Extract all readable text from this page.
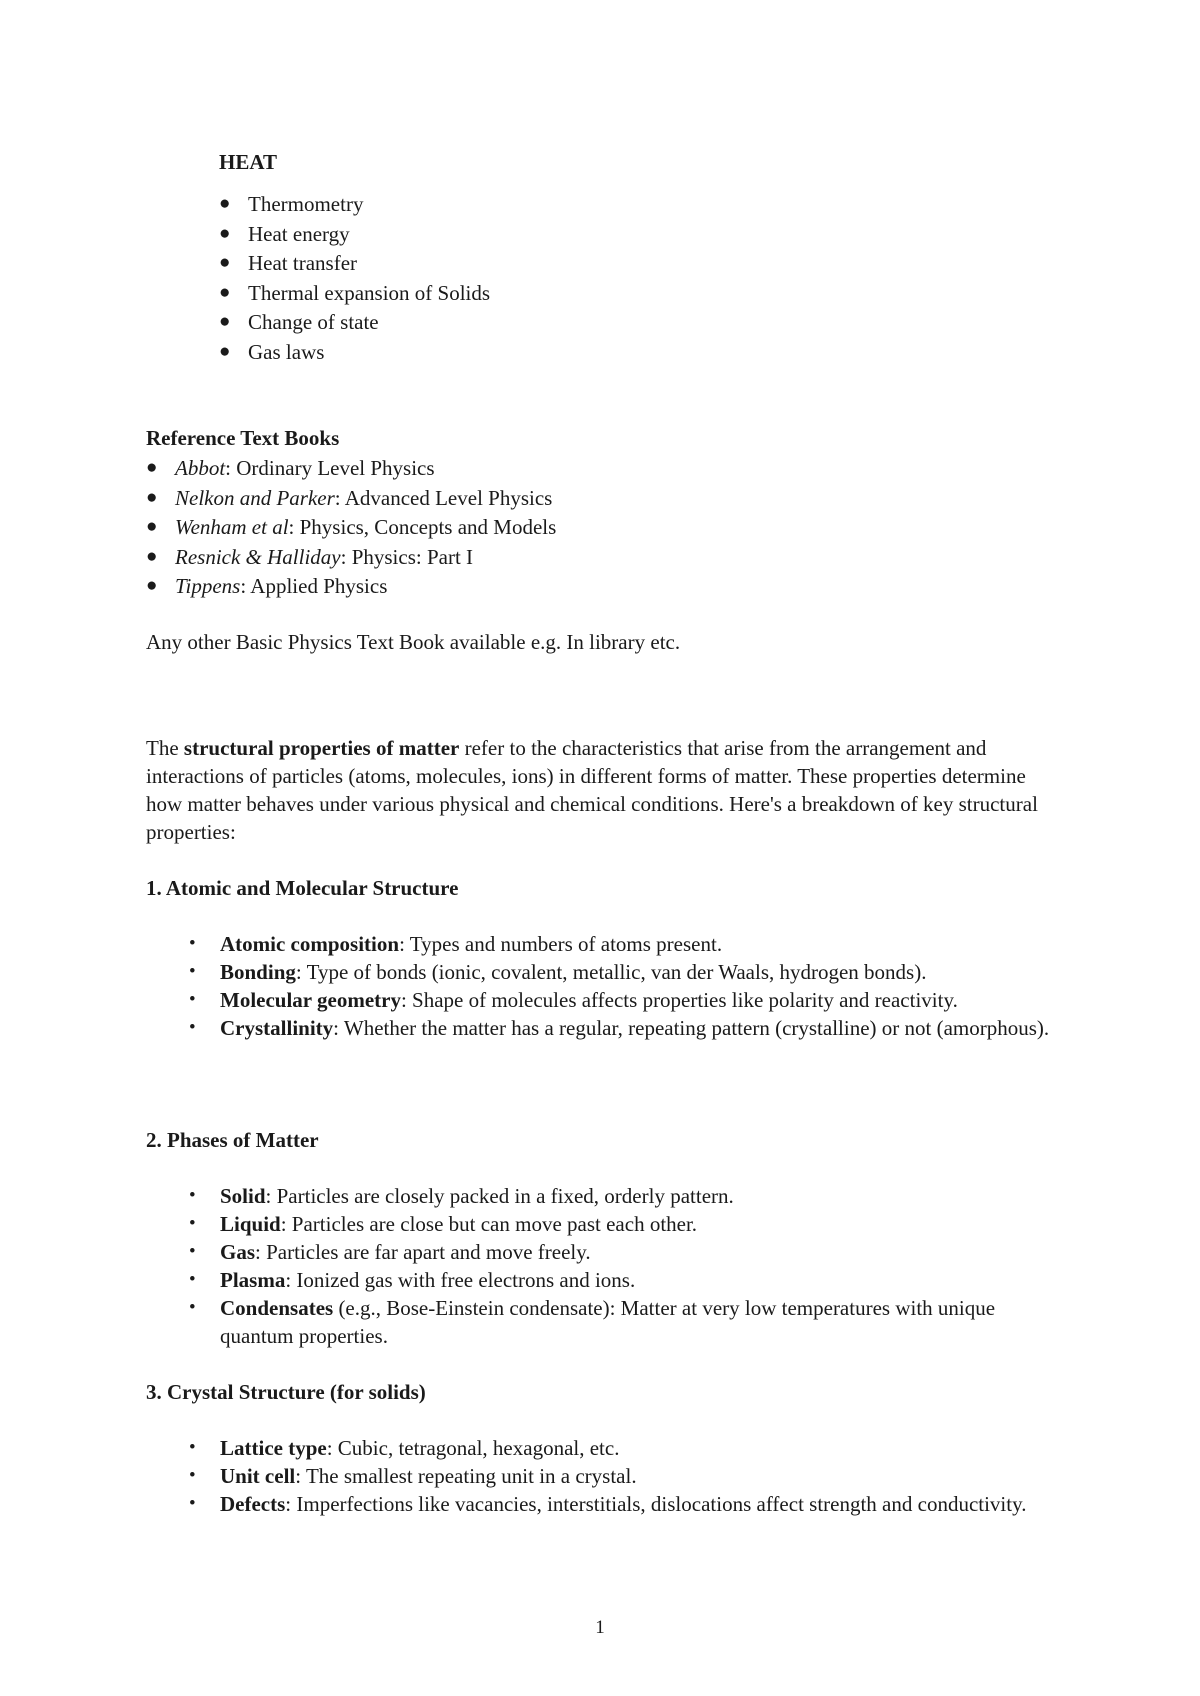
HEAT
● Thermometry
● Heat energy
● Heat transfer
● Thermal expansion of Solids
● Change of state
● Gas laws
Reference Text Books
● Abbot: Ordinary Level Physics
● Nelkon and Parker: Advanced Level Physics
● Wenham et al: Physics, Concepts and Models
● Resnick & Halliday: Physics: Part I
● Tippens: Applied Physics

Any other Basic Physics Text Book available e.g. In library etc.

The structural properties of matter refer to the characteristics that arise from the arrangement and interactions of particles (atoms, molecules, ions) in different forms of matter. These properties determine how matter behaves under various physical and chemical conditions. Here's a breakdown of key structural properties:

1. Atomic and Molecular Structure
•	Atomic composition: Types and numbers of atoms present.
•	Bonding: Type of bonds (ionic, covalent, metallic, van der Waals, hydrogen bonds).
•	Molecular geometry: Shape of molecules affects properties like polarity and reactivity.
•	Crystallinity: Whether the matter has a regular, repeating pattern (crystalline) or not (amorphous).
2. Phases of Matter
•	Solid: Particles are closely packed in a fixed, orderly pattern.
•	Liquid: Particles are close but can move past each other.
•	Gas: Particles are far apart and move freely.
•	Plasma: Ionized gas with free electrons and ions.
•	Condensates (e.g., Bose-Einstein condensate): Matter at very low temperatures with unique quantum properties.
3. Crystal Structure (for solids)
•	Lattice type: Cubic, tetragonal, hexagonal, etc.
•	Unit cell: The smallest repeating unit in a crystal.
•	Defects: Imperfections like vacancies, interstitials, dislocations affect strength and conductivity.

1
